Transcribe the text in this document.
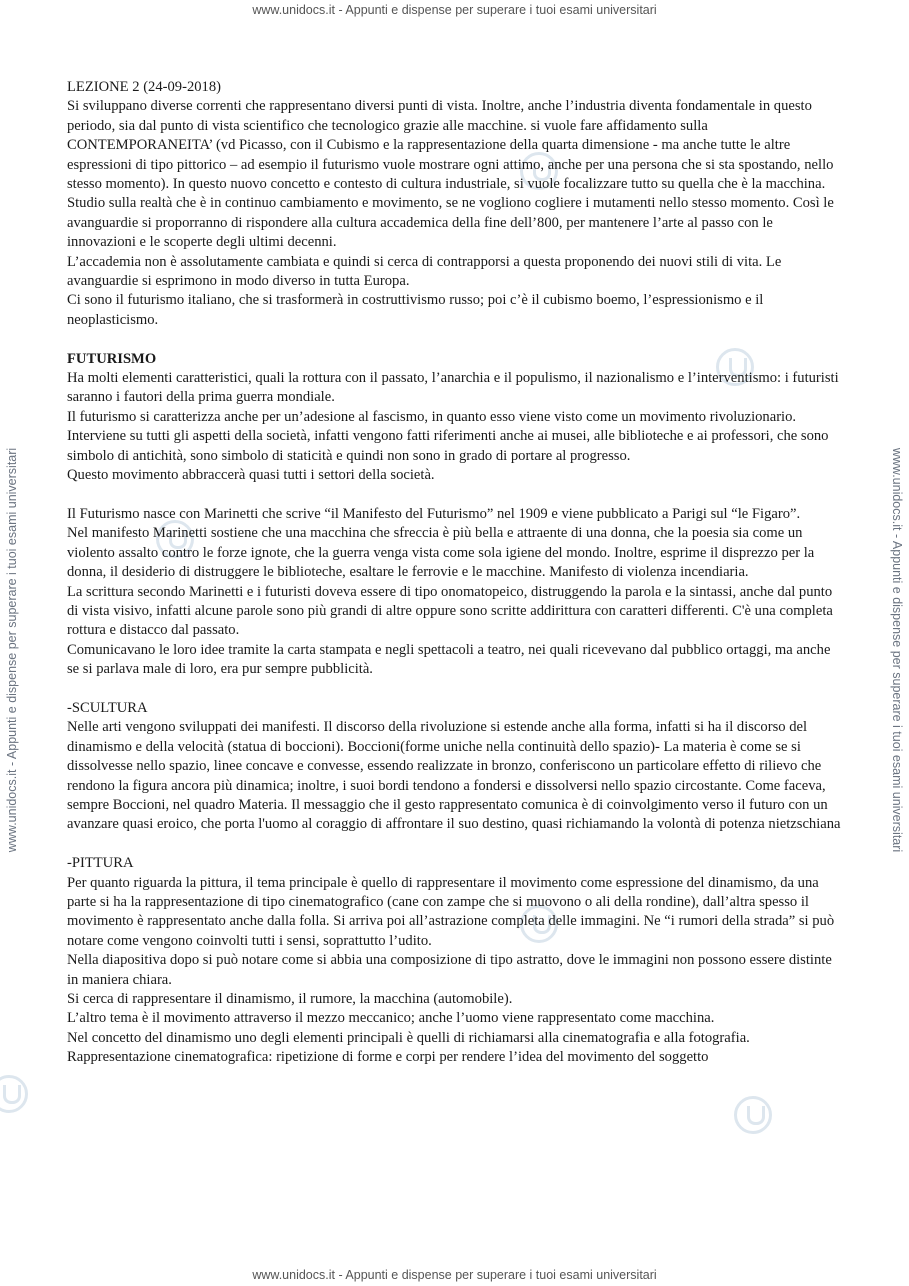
www.unidocs.it - Appunti e dispense per superare i tuoi esami universitari
www.unidocs.it - Appunti e dispense per superare i tuoi esami universitari
www.unidocs.it - Appunti e dispense per superare i tuoi esami universitari	www.unidocs.it - Appunti e dispense per superare i tuoi esami universitari

LEZIONE 2 (24-09-2018)

Si sviluppano diverse correnti che rappresentano diversi punti di vista. Inoltre, anche l’industria diventa fondamentale in questo periodo, sia dal punto di vista scientifico che tecnologico grazie alle macchine. si vuole fare affidamento sulla CONTEMPORANEITA’ (vd Picasso, con il Cubismo e la rappresentazione della quarta dimensione - ma anche tutte le altre espressioni di tipo pittorico – ad esempio il futurismo vuole mostrare ogni attimo, anche per una persona che si sta spostando, nello stesso momento). In questo nuovo concetto e contesto di cultura industriale, si vuole focalizzare tutto su quella che è la macchina. Studio sulla realtà che è in continuo cambiamento e movimento, se ne vogliono cogliere i mutamenti nello stesso momento. Così le avanguardie si proporranno di rispondere alla cultura accademica della fine dell’800, per mantenere l’arte al passo con le innovazioni e le scoperte degli ultimi decenni.

L’accademia non è assolutamente cambiata e quindi si cerca di contrapporsi a questa proponendo dei nuovi stili di vita. Le avanguardie si esprimono in modo diverso in tutta Europa.

Ci sono il futurismo italiano, che si trasformerà in costruttivismo russo; poi c’è il cubismo boemo, l’espressionismo e il neoplasticismo.

FUTURISMO

Ha molti elementi caratteristici, quali la rottura con il passato, l’anarchia e il populismo, il nazionalismo e l’interventismo: i futuristi saranno i fautori della prima guerra mondiale.

Il futurismo si caratterizza anche per un’adesione al fascismo, in quanto esso viene visto come un movimento rivoluzionario.

Interviene su tutti gli aspetti della società, infatti vengono fatti riferimenti anche ai musei, alle biblioteche e ai professori, che sono simbolo di antichità, sono simbolo di staticità e quindi non sono in grado di portare al progresso.

Questo movimento abbraccerà quasi tutti i settori della società.

Il Futurismo nasce con Marinetti che scrive “il Manifesto del Futurismo” nel 1909 e viene pubblicato a Parigi sul “le Figaro”.

Nel manifesto Marinetti sostiene che una macchina che sfreccia è più bella e attraente di una donna, che la poesia sia come un violento assalto contro le forze ignote, che la guerra venga vista come sola igiene del mondo. Inoltre, esprime il disprezzo per la donna, il desiderio di distruggere le biblioteche, esaltare le ferrovie e le macchine. Manifesto di violenza incendiaria.

La scrittura secondo Marinetti e i futuristi doveva essere di tipo onomatopeico, distruggendo la parola e la sintassi, anche dal punto di vista visivo, infatti alcune parole sono più grandi di altre oppure sono scritte addirittura con caratteri differenti. C'è una completa rottura e distacco dal passato.

Comunicavano le loro idee tramite la carta stampata e negli spettacoli a teatro, nei quali ricevevano dal pubblico ortaggi, ma anche se si parlava male di loro, era pur sempre pubblicità.

-SCULTURA

Nelle arti vengono sviluppati dei manifesti. Il discorso della rivoluzione si estende anche alla forma, infatti si ha il discorso del dinamismo e della velocità (statua di boccioni). Boccioni(forme uniche nella continuità dello spazio)- La materia è come se si dissolvesse nello spazio, linee concave e convesse, essendo realizzate in bronzo, conferiscono un particolare effetto di rilievo che rendono la figura ancora più dinamica; inoltre, i suoi bordi tendono a fondersi e dissolversi nello spazio circostante. Come faceva, sempre Boccioni, nel quadro Materia. Il messaggio che il gesto rappresentato comunica è di coinvolgimento verso il futuro con un avanzare quasi eroico, che porta l'uomo al coraggio di affrontare il suo destino, quasi richiamando la volontà di potenza nietzschiana

-PITTURA

Per quanto riguarda la pittura, il tema principale è quello di rappresentare il movimento come espressione del dinamismo, da una parte si ha la rappresentazione di tipo cinematografico (cane con zampe che si muovono o ali della rondine), dall’altra spesso il movimento è rappresentato anche dalla folla. Si arriva poi all’astrazione completa delle immagini. Ne “i rumori della strada” si può notare come vengono coinvolti tutti i sensi, soprattutto l’udito.

Nella diapositiva dopo si può notare come si abbia una composizione di tipo astratto, dove le immagini non possono essere distinte in maniera chiara.

Si cerca di rappresentare il dinamismo, il rumore, la macchina (automobile).

L’altro tema è il movimento attraverso il mezzo meccanico; anche l’uomo viene rappresentato come macchina.

Nel concetto del dinamismo uno degli elementi principali è quelli di richiamarsi alla cinematografia e alla fotografia. Rappresentazione cinematografica: ripetizione di forme e corpi per rendere l’idea del movimento del soggetto
